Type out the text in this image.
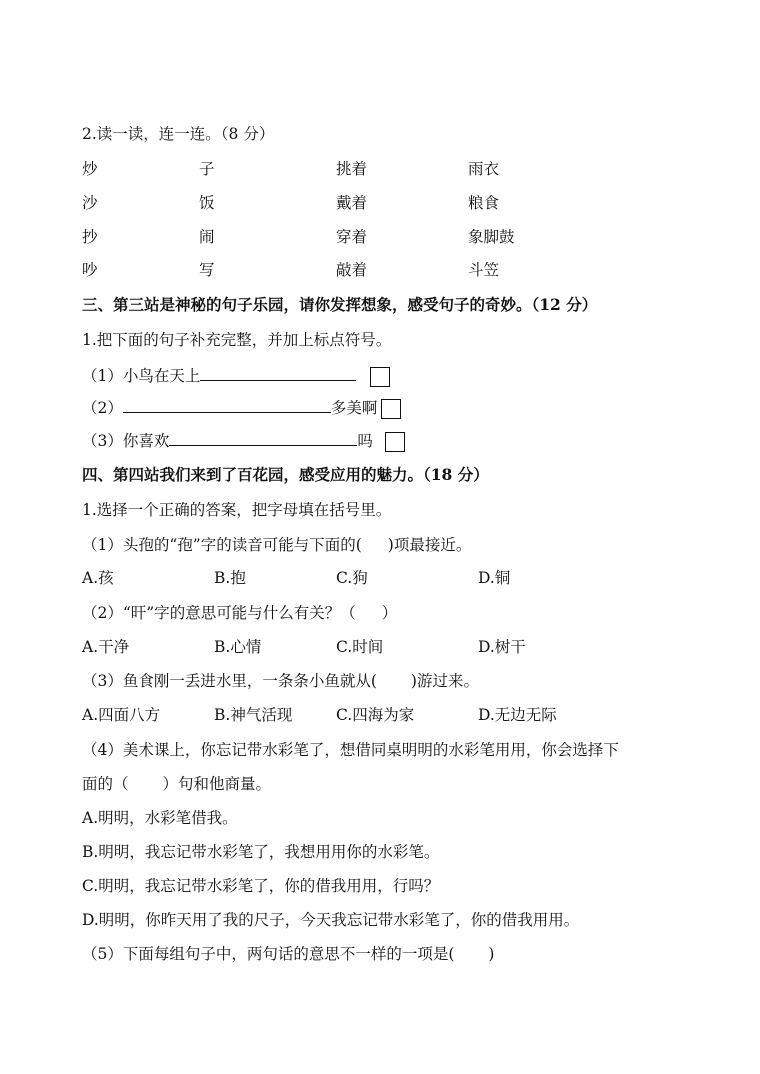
2.读一读，连一连。（8 分）
炒	子	挑着	雨衣
沙	饭	戴着	粮食
抄	闹	穿着	象脚鼓
吵	写	敲着	斗笠
三、第三站是神秘的句子乐园，请你发挥想象，感受句子的奇妙。（12 分）
1.把下面的句子补充完整，并加上标点符号。
（1）小鸟在天上
（2）	多美啊
（3）你喜欢	吗
四、第四站我们来到了百花园，感受应用的魅力。（18 分）
1.选择一个正确的答案，把字母填在括号里。
（1）头孢的“孢”字的读音可能与下面的( )项最接近。
A.孩	B.抱	C.狗	D.铜
（2）“旰”字的意思可能与什么有关？（ ）
A.干净	B.心情	C.时间	D.树干
（3）鱼食刚一丢进水里，一条条小鱼就从( )游过来。
A.四面八方	B.神气活现	C.四海为家	D.无边无际
（4）美术课上，你忘记带水彩笔了，想借同桌明明的水彩笔用用，你会选择下
面的（ ）句和他商量。
A.明明，水彩笔借我。
B.明明，我忘记带水彩笔了，我想用用你的水彩笔。
C.明明，我忘记带水彩笔了，你的借我用用，行吗？
D.明明，你昨天用了我的尺子，今天我忘记带水彩笔了，你的借我用用。
（5）下面每组句子中，两句话的意思不一样的一项是( )
